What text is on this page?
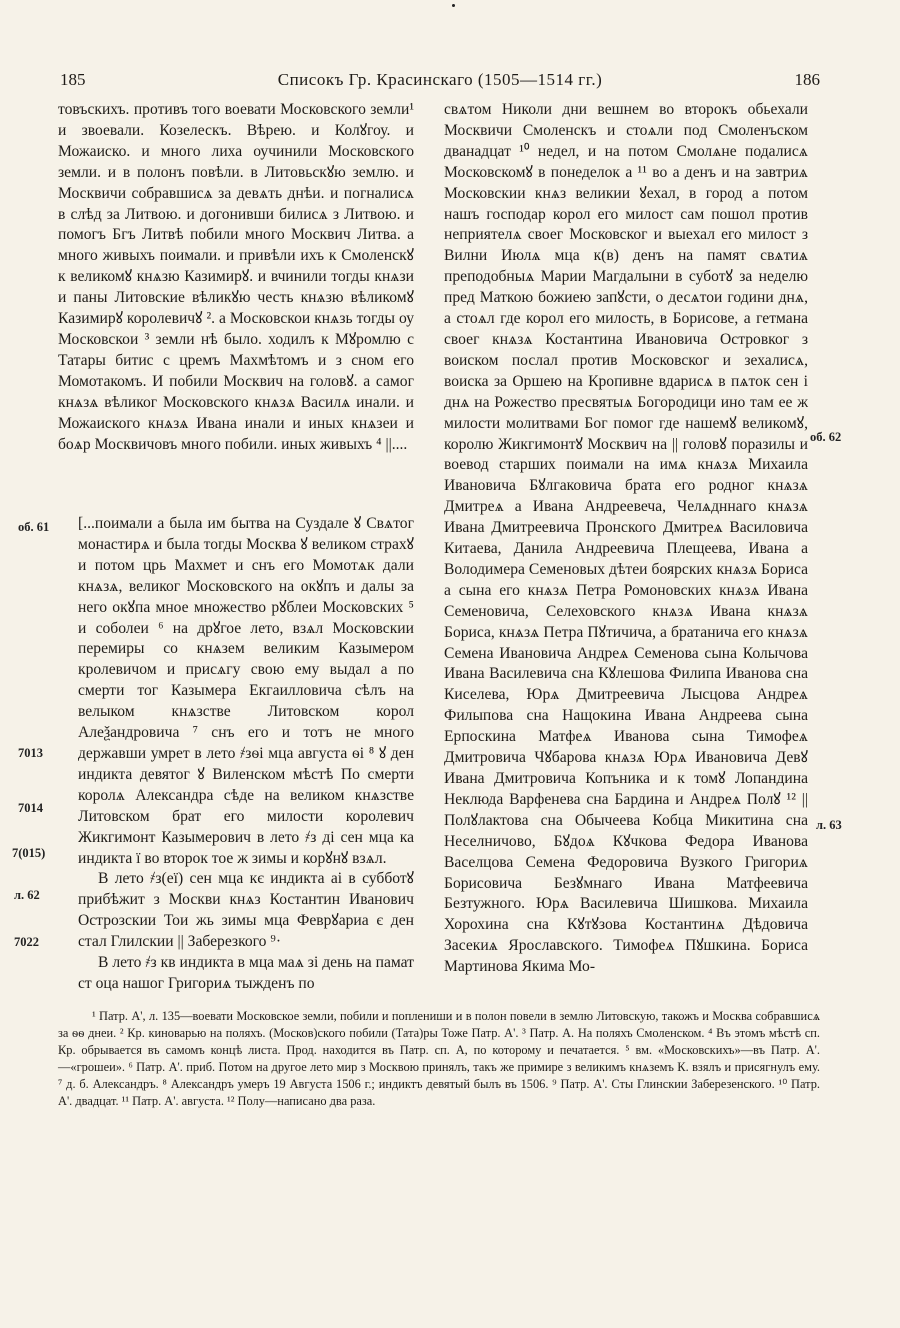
185	Списокъ Гр. Красинскаго (1505—1514 гг.)	186

товъскихъ. противъ того воевати Московского земли¹ и звоевали. Козелескъ. Вѣрею. и Колꙋгоу. и Можаиско. и много лиха оучинили Московского земли. и в полонъ повѣли. в Литовьскꙋю землю. и Москвичи собравшисѧ за девѧть днѣи. и погналисѧ в слѣд за Литвою. и догонивши билисѧ з Литвою. и помогъ Бгъ Литвѣ побили много Москвич Литва. а много живыхъ поимали. и привѣли ихъ к Смоленскꙋ к великомꙋ кнѧзю Казимирꙋ. и вчинили тогды кнѧзи и паны Литовские вѣликꙋю честь кнѧзю вѣликомꙋ Казимирꙋ королевичꙋ ². а Московскои кнѧзь тогды оу Московскои ³ земли нѣ было. ходилъ к Мꙋромлю с Татары битис с цремъ Махмѣтомъ и з сном его Момотакомъ. И побили Москвич на головꙋ. а самог кнѧзѧ вѣликог Московского кнѧзѧ Василѧ инали. и Можаиского кнѧзѧ Ивана инали и иных кнѧзеи и боѧр Москвичовъ много побили. иных живыхъ ⁴ ||....

об. 61
7013
7014
7(015)
л. 62
7022

[...поимали а была им бытва на Суздале ꙋ Свѧтог монастирѧ и была тогды Москва ꙋ великом страхꙋ и потом црь Махмет и снъ его Момотѧк дали кнѧзѧ, великог Московского на окꙋпъ и далы за него окꙋпа мное множество рꙋблеи Московских ⁵ и соболеи ⁶ на дрꙋгое лето, взѧл Московскии перемиры со кнѧзем великим Казымером кролевичом и присѧгу свою ему выдал а по смерти тог Казымера Екгаилловича сѣлъ на велыком кнѧзстве Литовском корол Алеѯандровича ⁷ снъ его и тотъ не много державши умрет в лето ҂зѳі мца августа ѳі ⁸ ꙋ ден индикта девятог ꙋ Виленском мѣстѣ По смерти королѧ Александра сѣде на великом кнѧзстве Литовском брат его милости королевич Жикгимонт Казымерович в лето ҂з ді сен мца ка индикта ї во второк тое ж зимы и корꙋнꙋ взѧл.

В лето ҂з(еї) сен мца кє индикта аі в субботꙋ прибѣжит з Москви кнѧз Костантин Иванович Острозскии Тои жь зимы мца Феврꙋариа є ден стал Глилскии || Заберезкого ⁹·

В лето ҂з кв индикта в мца маѧ зі день на памат ст оца нашог Григориѧ тыжденъ по

свѧтом Николи дни вешнем во второкъ обьехали Москвичи Смоленскъ и стоѧли под Смоленъском дванадцат ¹⁰ недел, и на потом Смолѧне подалисѧ Московскомꙋ в понеделок а ¹¹ во а денъ и на завтриѧ Московскии кнѧз великии ꙋехал, в город а потом нашъ господар корол его милост сам пошол против неприятелѧ своег Московског и выехал его милост з Вилни Июлѧ мца к(в) денъ на памят свѧтиѧ преподобныѧ Марии Магдалыни в суботꙋ за неделю пред Маткою божиею запꙋсти, о десѧтои години днѧ, а стоѧл где корол его милость, в Борисове, а гетмана своег кнѧзѧ Костантина Ивановича Островког з воиском послал против Московског и зехалисѧ, воиска за Оршею на Кропивне вдарисѧ в пѧток сен і днѧ на Рожество пресвятыѧ Богородици ино там ее ж милости молитвами Бог помог где нашемꙋ великомꙋ, королю Жикгимонтꙋ Москвич на || головꙋ поразилы и воевод старших поимали на имѧ кнѧзѧ Михаила Ивановича Бꙋлгаковича брата его родног кнѧзѧ Дмитреѧ а Ивана Андреевеча, Челѧдннаго кнѧзѧ Ивана Дмитреевича Пронского Дмитреѧ Василовича Китаева, Данила Андреевича Плещеева, Ивана а Володимера Семеновых дѣтеи боярских кнѧзѧ Бориса а сына его кнѧзѧ Петра Ромоновскиx кнѧзѧ Ивана Семеновича, Селеховского кнѧзѧ Ивана кнѧзѧ Бориса, кнѧзѧ Петра Пꙋтичича, а братанича его кнѧзѧ Семена Ивановича Андреѧ Семенова сына Колычова Ивана Василевича сна Кꙋлешова Филипа Иванова сна Киселева, Юрѧ Дмитреевича Лысцова Андреѧ Филыпова сна Нащокина Ивана Андреева сына Ерпоскина Матфеѧ Иванова сына Тимофеѧ Дмитровича Чꙋбарова кнѧзѧ Юрѧ Ивановича Девꙋ Ивана Дмитровича Копъника и к томꙋ Лопандина Неклюда Варфенева сна Бардина и Андреѧ Полꙋ ¹² || Полꙋлактова сна Обычеева Кобца Микитина сна Неселничово, Бꙋдоѧ Кꙋчкова Федора Иванова Васелцова Семена Федоровича Вузкого Григориѧ Борисовича Безꙋмнаго Ивана Матфеевича Безтужного. Юрѧ Василевича Шишкова. Михаила Хорохина сна Кꙋтꙋзова Костантинѧ Дѣдовича Засекиѧ Ярославского. Тимофеѧ Пꙋшкина. Бориса Мартинова Якима Мо-

об. 62
л. 63

¹ Патр. А', л. 135—воевати Московское земли, побили и поплениши и в полон повели в землю Литовскую, такожъ и Москва собравшисѧ за ѳѳ днеи. ² Кр. киноварью на поляхъ. (Москов)ского побили (Тата)ры Тоже Патр. А'. ³ Патр. А. На поляхъ Смоленском. ⁴ Въ этомъ мѣстѣ сп. Кр. обрывается въ самомъ концѣ листа. Прод. находится въ Патр. сп. А, по которому и печатается. ⁵ вм. «Московскихъ»—въ Патр. А'.—«грошеи». ⁶ Патр. А'. приб. Потом на другое лето мир з Москвою принялъ, такъ же примире з великимъ кнѧземъ К. взялъ и присягнулъ ему. ⁷ д. б. Александръ. ⁸ Александръ умеръ 19 Августа 1506 г.; индиктъ девятый былъ въ 1506. ⁹ Патр. А'. Сты Глинскии Заберезенского. ¹⁰ Патр. А'. двадцат. ¹¹ Патр. А'. августа. ¹² Полу—написано два раза.
